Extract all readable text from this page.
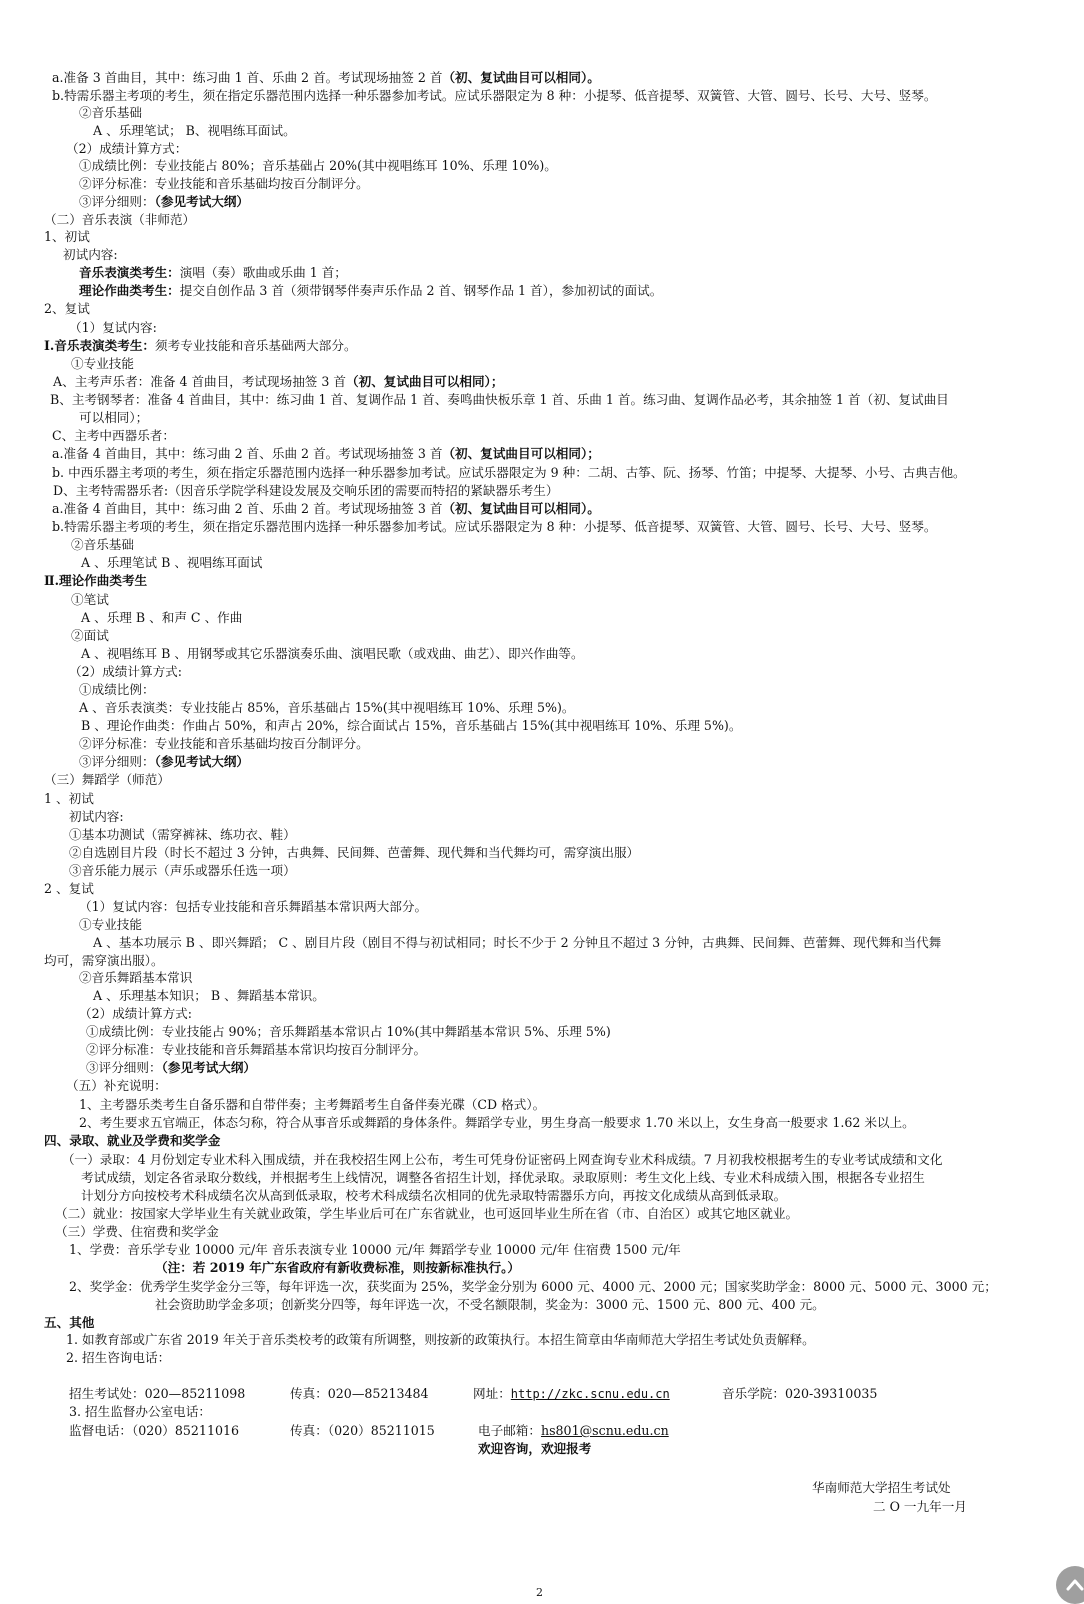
a.准备 3 首曲目，其中：练习曲 1 首、乐曲 2 首。考试现场抽签 2 首（初、复试曲目可以相同）。
b.特需乐器主考项的考生，须在指定乐器范围内选择一种乐器参加考试。应试乐器限定为 8 种：小提琴、低音提琴、双簧管、大管、圆号、长号、大号、竖琴。
②音乐基础
A 、乐理笔试； B、视唱练耳面试。
（2）成绩计算方式：
①成绩比例：专业技能占 80%；音乐基础占 20%(其中视唱练耳 10%、乐理 10%)。
②评分标准：专业技能和音乐基础均按百分制评分。
③评分细则：（参见考试大纲）
（二）音乐表演（非师范）
1、初试
初试内容:
音乐表演类考生：演唱（奏）歌曲或乐曲 1 首；
理论作曲类考生：提交自创作品 3 首（须带钢琴伴奏声乐作品 2 首、钢琴作品 1 首），参加初试的面试。
2、复试
（1）复试内容:
Ⅰ.音乐表演类考生：须考专业技能和音乐基础两大部分。
①专业技能
A、主考声乐者：准备 4 首曲目，考试现场抽签 3 首（初、复试曲目可以相同）；
B、主考钢琴者：准备 4 首曲目，其中：练习曲 1 首、复调作品 1 首、奏鸣曲快板乐章 1 首、乐曲 1 首。练习曲、复调作品必考，其余抽签 1 首（初、复试曲目
可以相同）；
C、主考中西器乐者：
a.准备 4 首曲目，其中：练习曲 2 首、乐曲 2 首。考试现场抽签 3 首（初、复试曲目可以相同）；
b. 中西乐器主考项的考生，须在指定乐器范围内选择一种乐器参加考试。应试乐器限定为 9 种：二胡、古筝、阮、扬琴、竹笛；中提琴、大提琴、小号、古典吉他。
D、主考特需器乐者:（因音乐学院学科建设发展及交响乐团的需要而特招的紧缺器乐考生）
a.准备 4 首曲目，其中：练习曲 2 首、乐曲 2 首。考试现场抽签 3 首（初、复试曲目可以相同）。
b.特需乐器主考项的考生，须在指定乐器范围内选择一种乐器参加考试。应试乐器限定为 8 种：小提琴、低音提琴、双簧管、大管、圆号、长号、大号、竖琴。
②音乐基础
A 、乐理笔试 B 、视唱练耳面试
Ⅱ.理论作曲类考生
①笔试
A 、乐理 B 、和声 C 、作曲
②面试
A 、视唱练耳 B 、用钢琴或其它乐器演奏乐曲、演唱民歌（或戏曲、曲艺）、即兴作曲等。
（2）成绩计算方式:
①成绩比例：
A 、音乐表演类：专业技能占 85%，音乐基础占 15%(其中视唱练耳 10%、乐理 5%)。
B 、理论作曲类：作曲占 50%，和声占 20%，综合面试占 15%，音乐基础占 15%(其中视唱练耳 10%、乐理 5%)。
②评分标准：专业技能和音乐基础均按百分制评分。
③评分细则：（参见考试大纲）
（三）舞蹈学（师范）
1 、初试
初试内容:
①基本功测试（需穿裤袜、练功衣、鞋）
②自选剧目片段（时长不超过 3 分钟，古典舞、民间舞、芭蕾舞、现代舞和当代舞均可，需穿演出服）
③音乐能力展示（声乐或器乐任选一项）
2 、复试
（1）复试内容：包括专业技能和音乐舞蹈基本常识两大部分。
①专业技能
A 、基本功展示 B 、即兴舞蹈； C 、剧目片段（剧目不得与初试相同；时长不少于 2 分钟且不超过 3 分钟，古典舞、民间舞、芭蕾舞、现代舞和当代舞
均可，需穿演出服）。
②音乐舞蹈基本常识
A 、乐理基本知识； B 、舞蹈基本常识。
（2）成绩计算方式:
①成绩比例：专业技能占 90%；音乐舞蹈基本常识占 10%(其中舞蹈基本常识 5%、乐理 5%)
②评分标准：专业技能和音乐舞蹈基本常识均按百分制评分。
③评分细则：（参见考试大纲）
（五）补充说明：
1、主考器乐类考生自备乐器和自带伴奏；主考舞蹈考生自备伴奏光碟（CD 格式）。
2、考生要求五官端正，体态匀称，符合从事音乐或舞蹈的身体条件。舞蹈学专业，男生身高一般要求 1.70 米以上，女生身高一般要求 1.62 米以上。
四、录取、就业及学费和奖学金
（一）录取：4 月份划定专业术科入围成绩，并在我校招生网上公布，考生可凭身份证密码上网查询专业术科成绩。7 月初我校根据考生的专业考试成绩和文化
考试成绩，划定各省录取分数线，并根据考生上线情况，调整各省招生计划，择优录取。录取原则：考生文化上线、专业术科成绩入围，根据各专业招生
计划分方向按校考术科成绩名次从高到低录取，校考术科成绩名次相同的优先录取特需器乐方向，再按文化成绩从高到低录取。
（二）就业：按国家大学毕业生有关就业政策，学生毕业后可在广东省就业，也可返回毕业生所在省（市、自治区）或其它地区就业。
（三）学费、住宿费和奖学金
1、学费：音乐学专业 10000 元/年 音乐表演专业 10000 元/年 舞蹈学专业 10000 元/年 住宿费 1500 元/年
（注：若 2019 年广东省政府有新收费标准，则按新标准执行。）
2、奖学金：优秀学生奖学金分三等，每年评选一次，获奖面为 25%，奖学金分别为 6000 元、4000 元、2000 元；国家奖助学金：8000 元、5000 元、3000 元；
社会资助助学金多项；创新奖分四等，每年评选一次，不受名额限制，奖金为：3000 元、1500 元、800 元、400 元。
五、其他
1. 如教育部或广东省 2019 年关于音乐类校考的政策有所调整，则按新的政策执行。本招生简章由华南师范大学招生考试处负责解释。
2. 招生咨询电话：
招生考试处：020—85211098	传真：020—85213484	网址：http://zkc.scnu.edu.cn	音乐学院：020-39310035
3. 招生监督办公室电话：
监督电话：（020）85211016	传真：（020）85211015	电子邮箱：hs801@scnu.edu.cn
欢迎咨询，欢迎报考
华南师范大学招生考试处
二 O 一九年一月
2
